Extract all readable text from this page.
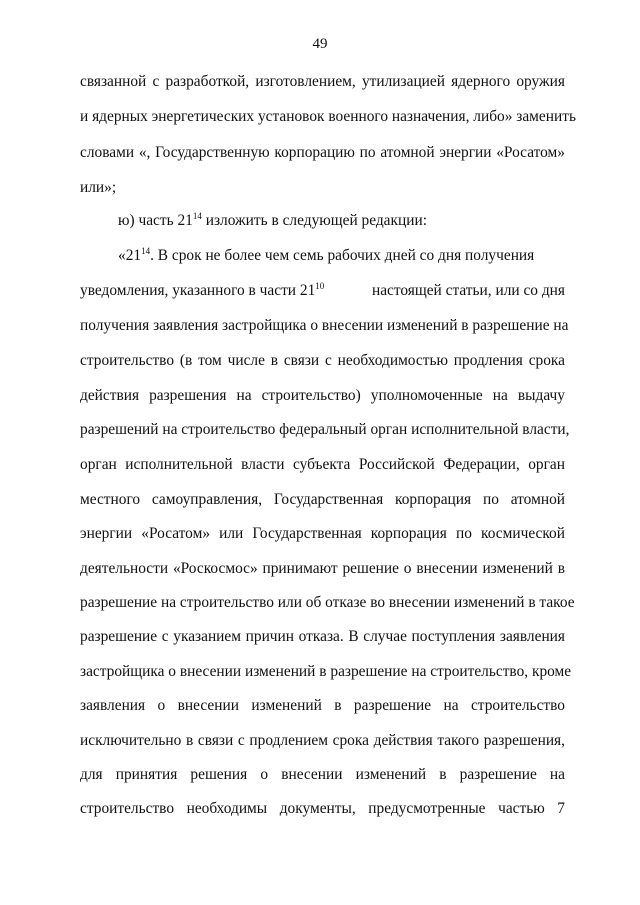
49
связанной с разработкой, изготовлением, утилизацией ядерного оружия
и ядерных энергетических установок военного назначения, либо» заменить
словами «, Государственную корпорацию по атомной энергии «Росатом»
или»;
ю) часть $21^{14}$ изложить в следующей редакции:
«$21^{14}$. В срок не более чем семь рабочих дней со дня получения
уведомления, указанного в части $21^{10}$	настоящей статьи, или со дня
получения заявления застройщика о внесении изменений в разрешение на
строительство (в том числе в связи с необходимостью продления срока
действия разрешения на строительство) уполномоченные на выдачу
разрешений на строительство федеральный орган исполнительной власти,
орган исполнительной власти субъекта Российской Федерации, орган
местного самоуправления, Государственная корпорация по атомной
энергии «Росатом» или Государственная корпорация по космической
деятельности «Роскосмос» принимают решение о внесении изменений в
разрешение на строительство или об отказе во внесении изменений в такое
разрешение с указанием причин отказа. В случае поступления заявления
застройщика о внесении изменений в разрешение на строительство, кроме
заявления о внесении изменений в разрешение на строительство
исключительно в связи с продлением срока действия такого разрешения,
для принятия решения о внесении изменений в разрешение на
строительство необходимы документы, предусмотренные частью 7
